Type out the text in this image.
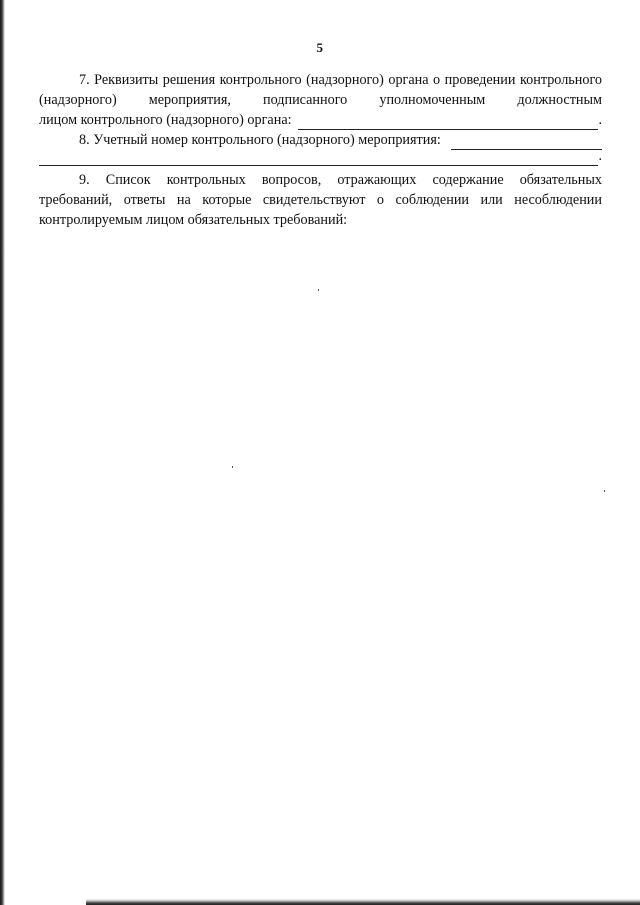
5

7. Реквизиты решения контрольного (надзорного) органа о проведении контрольного (надзорного) мероприятия, подписанного уполномоченным должностным

лицом контрольного (надзорного) органа:	.
8. Учетный номер контрольного (надзорного) мероприятия:
.

9. Список контрольных вопросов, отражающих содержание обязательных требований, ответы на которые свидетельствуют о соблюдении или несоблюдении контролируемым лицом обязательных требований:
